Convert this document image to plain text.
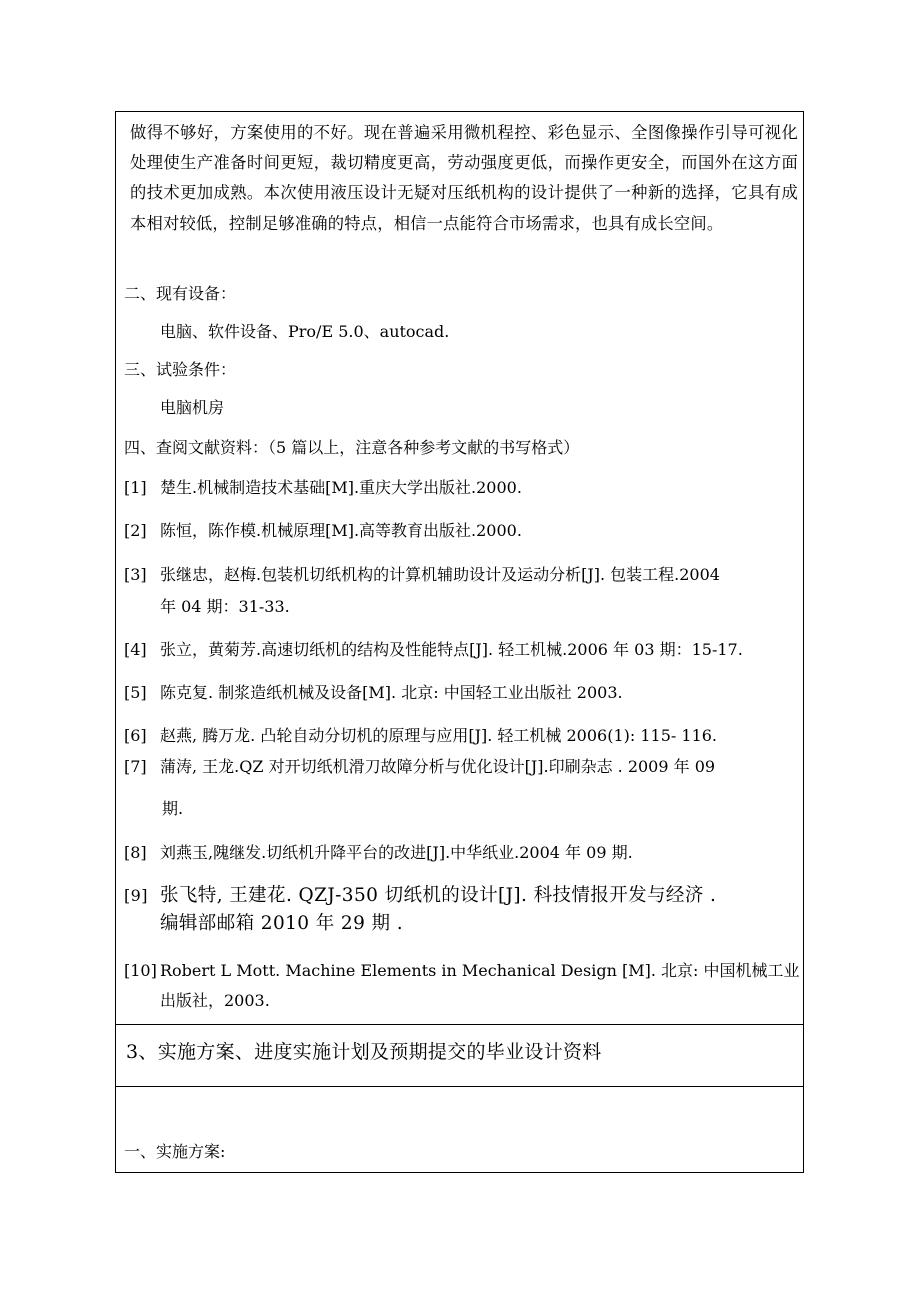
做得不够好，方案使用的不好。现在普遍采用微机程控、彩色显示、全图像操作引导可视化处理使生产准备时间更短，裁切精度更高，劳动强度更低，而操作更安全，而国外在这方面的技术更加成熟。本次使用液压设计无疑对压纸机构的设计提供了一种新的选择，它具有成本相对较低，控制足够准确的特点，相信一点能符合市场需求，也具有成长空间。
二、现有设备：
电脑、软件设备、Pro/E 5.0、autocad.
三、试验条件：
电脑机房
四、查阅文献资料：（5 篇以上，注意各种参考文献的书写格式）
[1] 楚生.机械制造技术基础[M].重庆大学出版社.2000.
[2] 陈恒，陈作模.机械原理[M].高等教育出版社.2000.
[3] 张继忠，赵梅.包装机切纸机构的计算机辅助设计及运动分析[J]. 包装工程.2004
年 04 期：31-33.
[4] 张立，黄菊芳.高速切纸机的结构及性能特点[J]. 轻工机械.2006 年 03 期：15-17.
[5] 陈克复. 制浆造纸机械及设备[M]. 北京: 中国轻工业出版社 2003.
[6] 赵燕, 腾万龙. 凸轮自动分切机的原理与应用[J]. 轻工机械 2006(1): 115- 116.
[7] 蒲涛, 王龙.QZ 对开切纸机滑刀故障分析与优化设计[J].印刷杂志 . 2009 年 09
期.
[8] 刘燕玉,隗继发.切纸机升降平台的改进[J].中华纸业.2004 年 09 期.
[9] 张飞特, 王建花. QZJ-350 切纸机的设计[J]. 科技情报开发与经济 .
编辑部邮箱 2010 年 29 期 .
[10] Robert L Mott. Machine Elements in Mechanical Design [M]. 北京: 中国机械工业
出版社，2003.
3、实施方案、进度实施计划及预期提交的毕业设计资料
一、实施方案:
